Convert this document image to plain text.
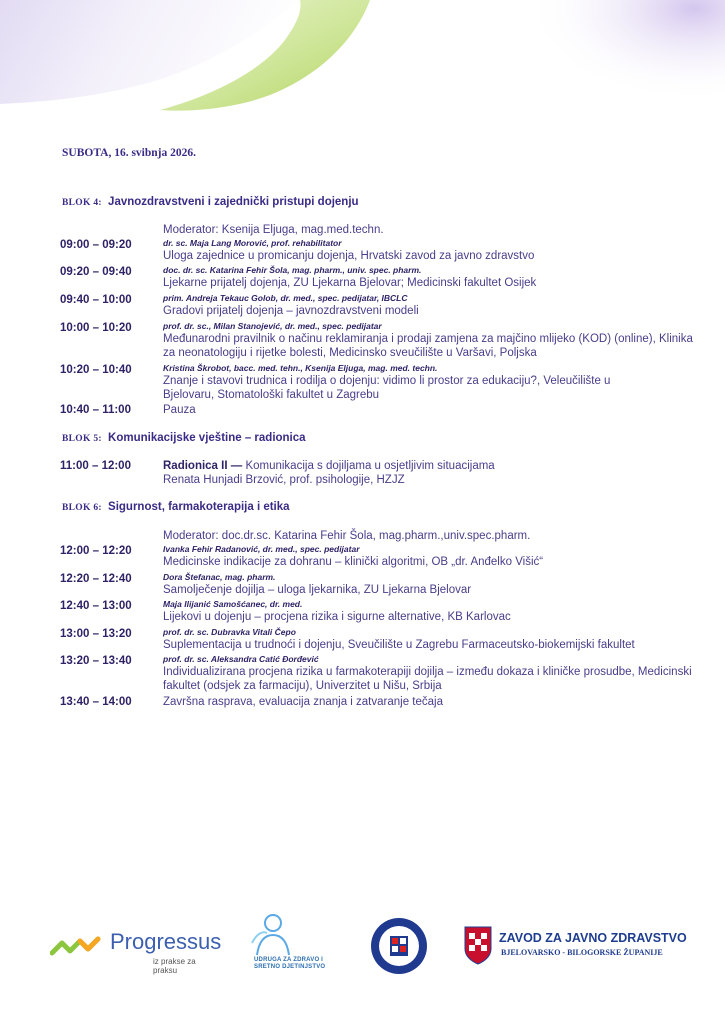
SUBOTA, 16. svibnja 2026.
BLOK 4: Javnozdravstveni i zajednički pristupi dojenju
Moderator: Ksenija Eljuga, mag.med.techn.
09:00 – 09:20	dr. sc. Maja Lang Morović, prof. rehabilitator
Uloga zajednice u promicanju dojenja, Hrvatski zavod za javno zdravstvo
09:20 – 09:40	doc. dr. sc. Katarina Fehir Šola, mag. pharm., univ. spec. pharm.
Ljekarne prijatelj dojenja, ZU Ljekarna Bjelovar; Medicinski fakultet Osijek
09:40 – 10:00	prim. Andreja Tekauc Golob, dr. med., spec. pedijatar, IBCLC
Gradovi prijatelj dojenja – javnozdravstveni modeli
10:00 – 10:20	prof. dr. sc., Milan Stanojević, dr. med., spec. pedijatar
Međunarodni pravilnik o načinu reklamiranja i prodaji zamjena za majčino mlijeko (KOD) (online), Klinika za neonatologiju i rijetke bolesti, Medicinsko sveučilište u Varšavi, Poljska
10:20 – 10:40	Kristina Škrobot, bacc. med. tehn., Ksenija Eljuga, mag. med. techn.
Znanje i stavovi trudnica i rodilja o dojenju: vidimo li prostor za edukaciju?, Veleučilište u Bjelovaru, Stomatološki fakultet u Zagrebu
10:40 – 11:00	Pauza
BLOK 5: Komunikacijske vještine – radionica
11:00 – 12:00	Radionica II — Komunikacija s dojiljama u osjetljivim situacijama
Renata Hunjadi Brzović, prof. psihologije, HZJZ
BLOK 6: Sigurnost, farmakoterapija i etika
Moderator: doc.dr.sc. Katarina Fehir Šola, mag.pharm.,univ.spec.pharm.
12:00 – 12:20	Ivanka Fehir Radanović, dr. med., spec. pedijatar
Medicinske indikacije za dohranu – klinički algoritmi, OB „dr. Anđelko Višić“
12:20 – 12:40	Dora Štefanac, mag. pharm.
Samolječenje dojilja – uloga ljekarnika, ZU Ljekarna Bjelovar
12:40 – 13:00	Maja Ilijanić Samošćanec, dr. med.
Lijekovi u dojenju – procjena rizika i sigurne alternative, KB Karlovac
13:00 – 13:20	prof. dr. sc. Dubravka Vitali Čepo
Suplementacija u trudnoći i dojenju, Sveučilište u Zagrebu Farmaceutsko-biokemijski fakultet
13:20 – 13:40	prof. dr. sc. Aleksandra Catić Đorđević
Individualizirana procjena rizika u farmakoterapiji dojilja – između dokaza i kliničke prosudbe, Medicinski fakultet (odsjek za farmaciju), Univerzitet u Nišu, Srbija
13:40 – 14:00	Završna rasprava, evaluacija znanja i zatvaranje tečaja
Progressus
iz prakse za praksu
UDRUGA ZA ZDRAVO I SRETNO DJETINJSTVO
ZAVOD ZA JAVNO ZDRAVSTVO
BJELOVARSKO - BILOGORSKE ŽUPANIJE
